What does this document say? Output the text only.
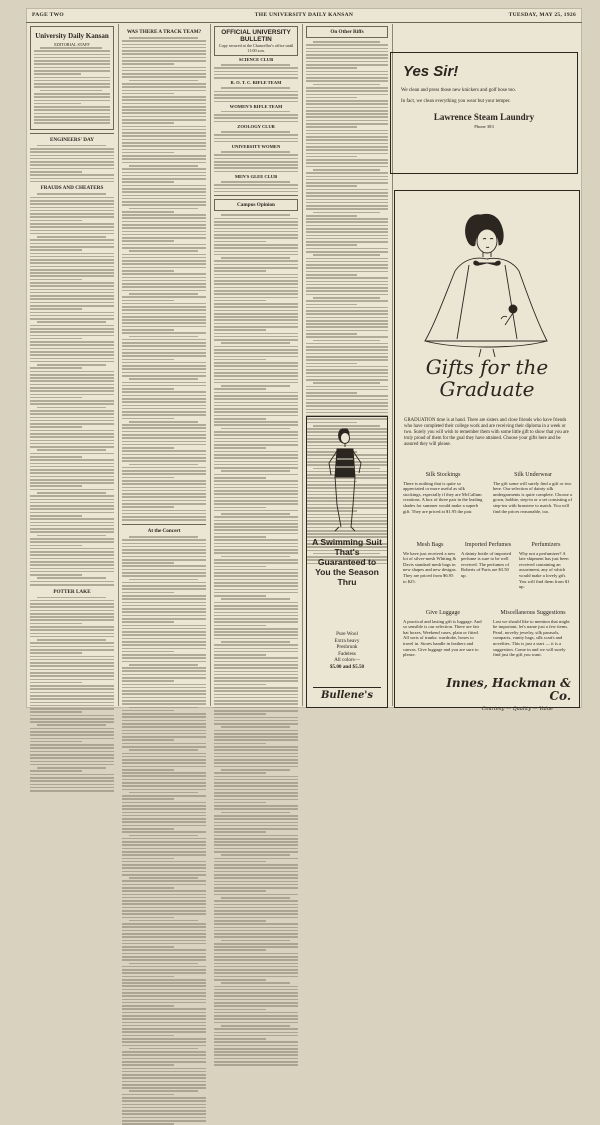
PAGE TWO	THE UNIVERSITY DAILY KANSAN	TUESDAY, MAY 25, 1926
University Daily Kansan
EDITORIAL STAFF
ENGINEERS' DAY
FRAUDS AND CHEATERS
POTTER LAKE
WAS THERE A TRACK TEAM?
At the Concert
OFFICIAL UNIVERSITY BULLETIN
Copy secured at the Chancellor's office until 11:00 a.m.
SCIENCE CLUB
R. O. T. C. RIFLE TEAM
WOMEN'S RIFLE TEAM
ZOOLOGY CLUB
UNIVERSITY WOMEN
MEN'S GLEE CLUB
Campus Opinion
On Other Riffs
Yes Sir!
We clean and press those new knickers and golf hose too.
In fact, we clean everything you wear but your temper.
Lawrence Steam Laundry
Phone 383
Gifts for the Graduate
GRADUATION time is at hand. There are sisters and close friends who have friends who have completed their college work and are receiving their diploma in a week or two. Surely you will wish to remember them with some little gift to show that you are truly proud of them for the goal they have attained. Choose your gifts here and be assured they will please.
Silk Stockings
There is nothing that is quite so appreciated or more useful as silk stockings, especially if they are McCallum creations. A box of three pair in the leading shades for summer would make a superb gift. They are priced at $1.95 the pair.
Silk Underwear
The gift some will surely find a gift or two here. Our selection of dainty silk undergarments is quite complete. Choose a gown, bobbie, step-in or a set consisting of step-ins with brassiere to match. You will find the prices reasonable, too.
Mesh Bags
We have just received a new lot of silver-mesh Whiting & Davis standard mesh bags in new shapes and new designs. They are priced from $6.95 to $25.
Imported Perfumes
A dainty bottle of imported perfume is sure to be well received. The perfumes of Roberts of Paris are $3.50 up.
Perfumizers
Why not a perfumizer? A late shipment has just been received containing an assortment, any of which would make a lovely gift. You will find them from $1 up.
Give Luggage
A practical and lasting gift is luggage. And so sensible is our selection. There are fair hat boxes, Weekend cases, plain or fitted. All sorts of trunks: wardrobe, boxes to travel in. Stores handle in leathers and canvas. Give luggage and you are sure to please.
Miscellaneous Suggestions
Last we should like to mention that might be important, let's name just a few items. Pearl, novelty jewelry, silk parasols, compacts, vanity bags, silk scarfs and novelties. This is just a start — it is a suggestion. Come in and we will surely find just the gift you want.
Innes, Hackman & Co.
Courtesy — Quality — Value
A Swimming Suit That's Guaranteed to You the Season Thru
Pure Wool
Extra heavy
Preshrunk
Fadeless
All colors—
$5.00 and $5.50
Bullene's
